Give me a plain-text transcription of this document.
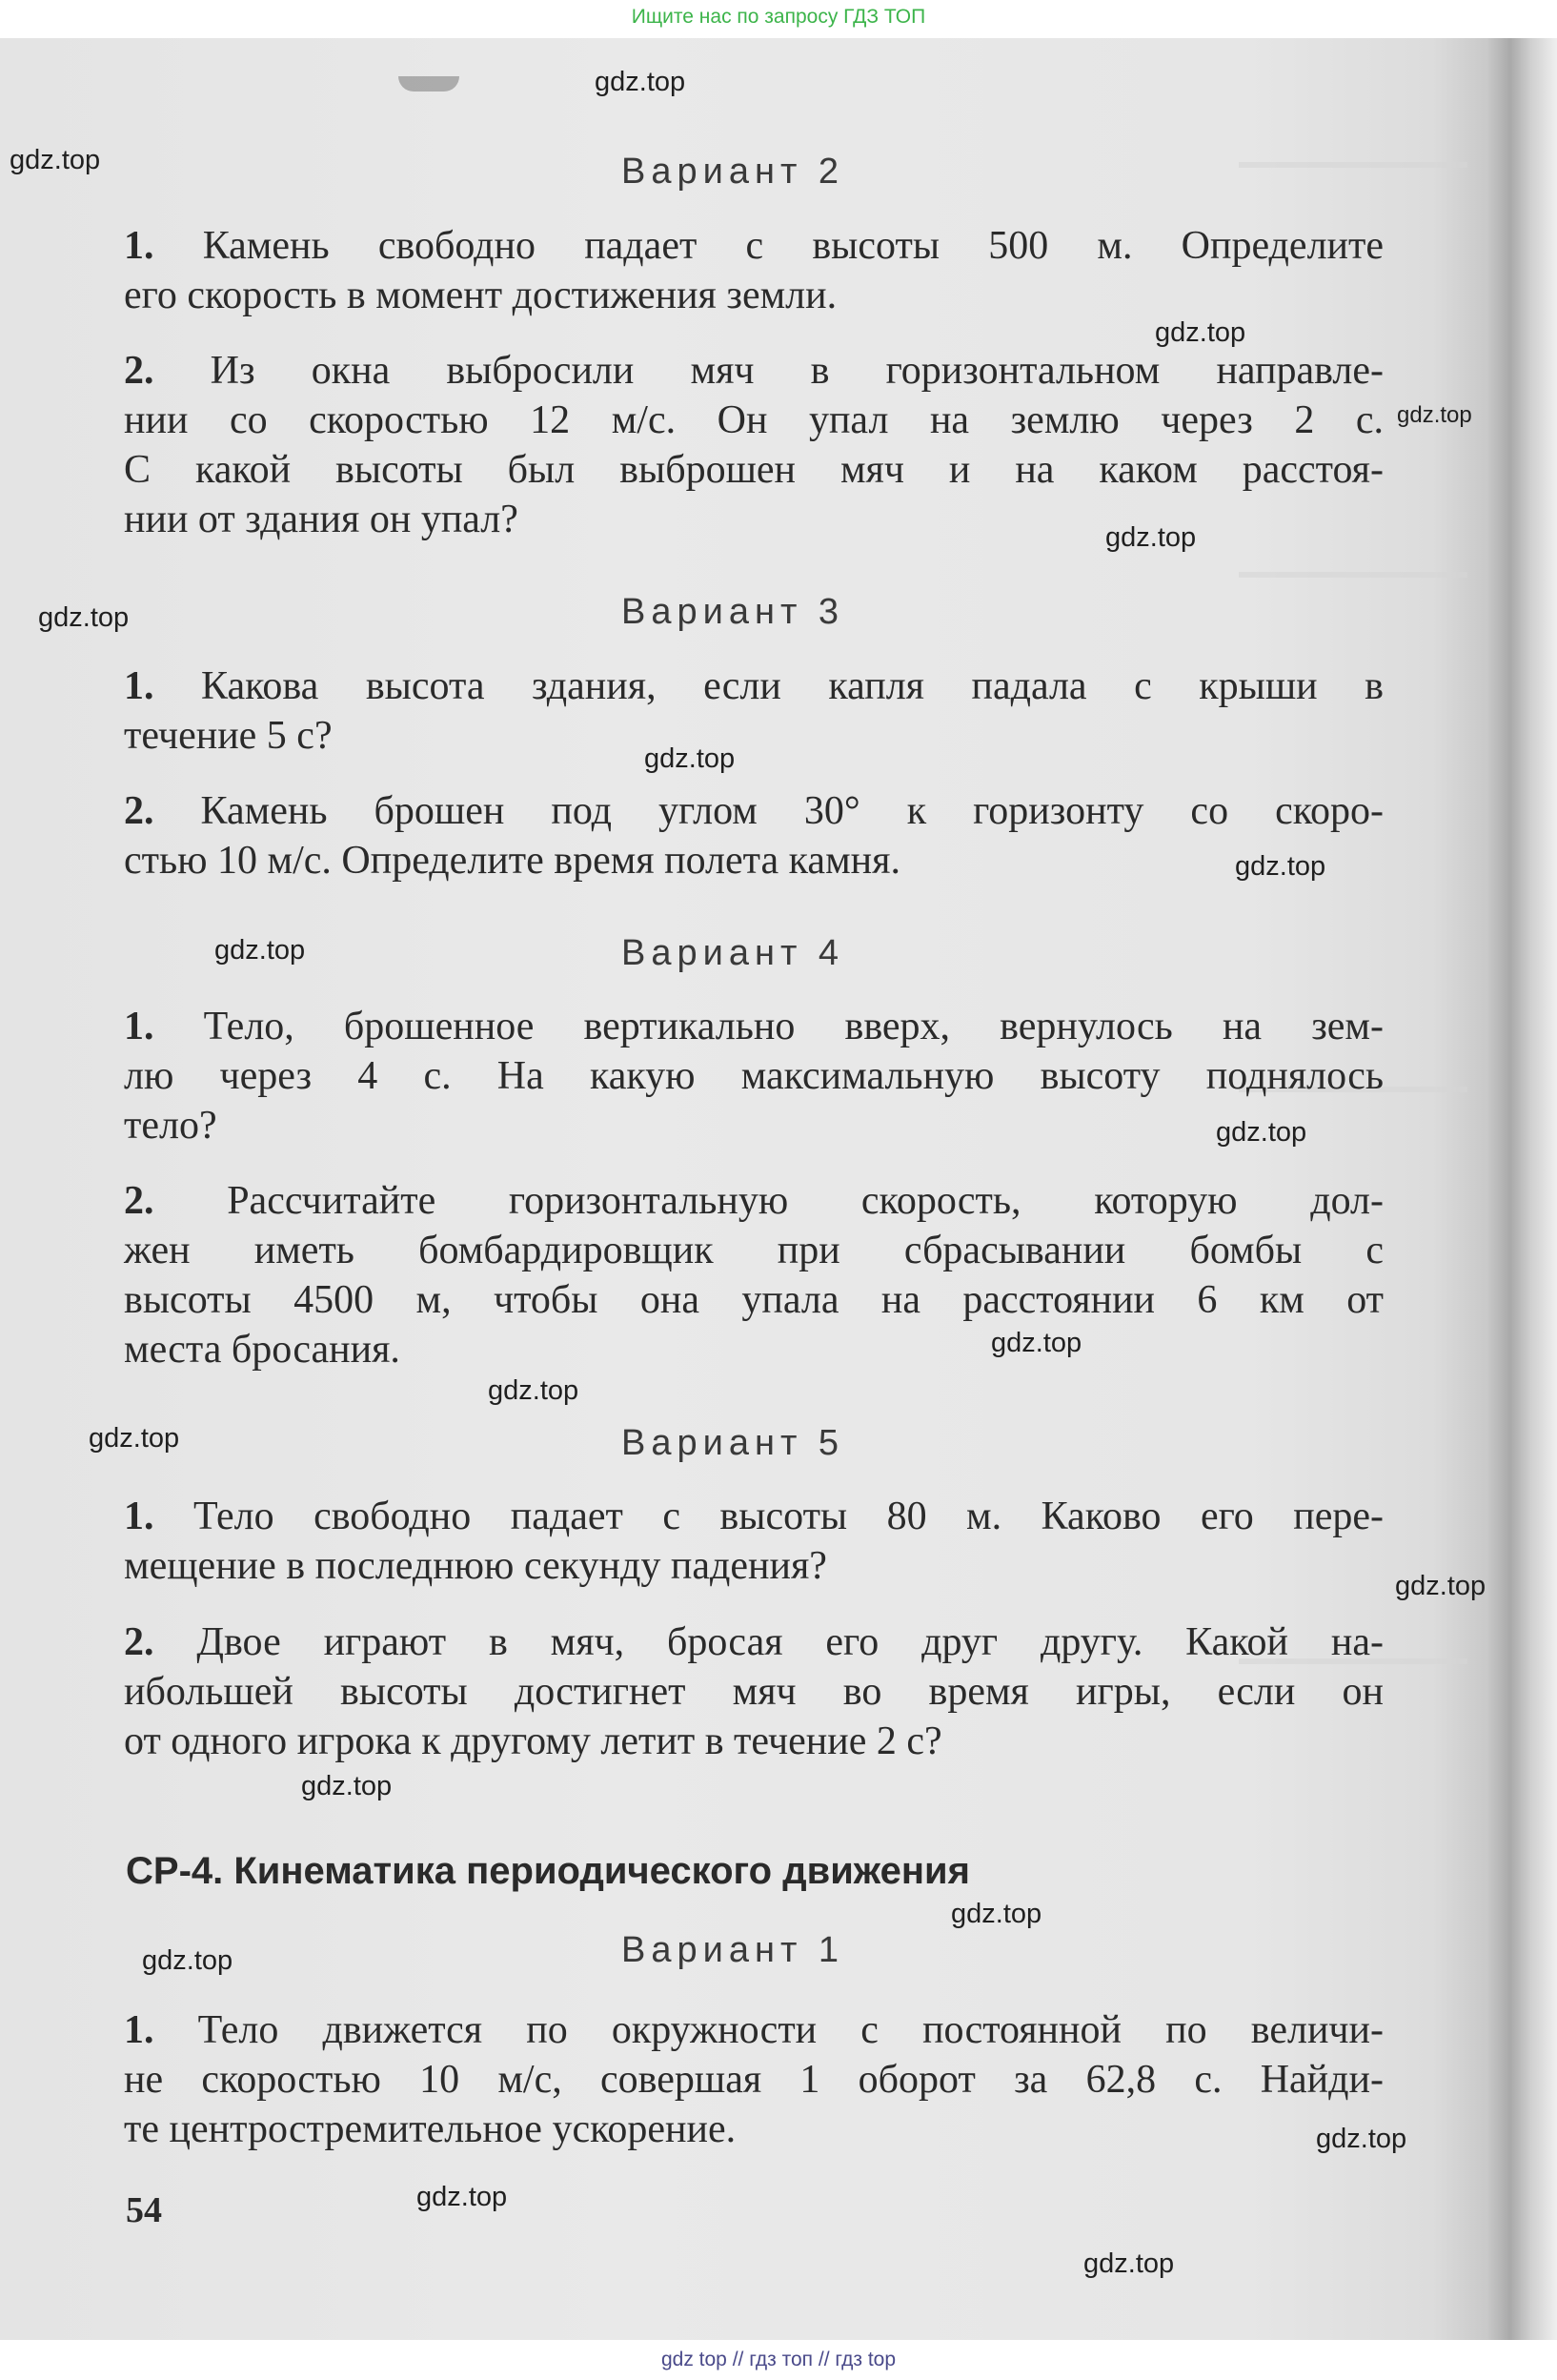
Ищите нас по запросу ГДЗ ТОП
Вариант 2
1. Камень свободно падает с высоты 500 м. Определите
его скорость в момент достижения земли.
2. Из окна выбросили мяч в горизонтальном направле-
нии со скоростью 12 м/с. Он упал на землю через 2 с.
С какой высоты был выброшен мяч и на каком расстоя-
нии от здания он упал?
Вариант 3
1. Какова высота здания, если капля падала с крыши в
течение 5 с?
2. Камень брошен под углом 30° к горизонту со скоро-
стью 10 м/с. Определите время полета камня.
Вариант 4
1. Тело, брошенное вертикально вверх, вернулось на зем-
лю через 4 с. На какую максимальную высоту поднялось
тело?
2. Рассчитайте горизонтальную скорость, которую дол-
жен иметь бомбардировщик при сбрасывании бомбы с
высоты 4500 м, чтобы она упала на расстоянии 6 км от
места бросания.
Вариант 5
1. Тело свободно падает с высоты 80 м. Каково его пере-
мещение в последнюю секунду падения?
2. Двое играют в мяч, бросая его друг другу. Какой на-
ибольшей высоты достигнет мяч во время игры, если он
от одного игрока к другому летит в течение 2 с?
СР-4. Кинематика периодического движения
Вариант 1
1. Тело движется по окружности с постоянной по величи-
не скоростью 10 м/с, совершая 1 оборот за 62,8 с. Найди-
те центростремительное ускорение.
54
gdz.top
gdz.top
gdz.top
gdz.top
gdz.top
gdz.top
gdz.top
gdz.top
gdz.top
gdz.top
gdz.top
gdz.top
gdz.top
gdz.top
gdz.top
gdz.top
gdz.top
gdz.top
gdz.top
gdz.top
gdz top // гдз топ // гдз top
